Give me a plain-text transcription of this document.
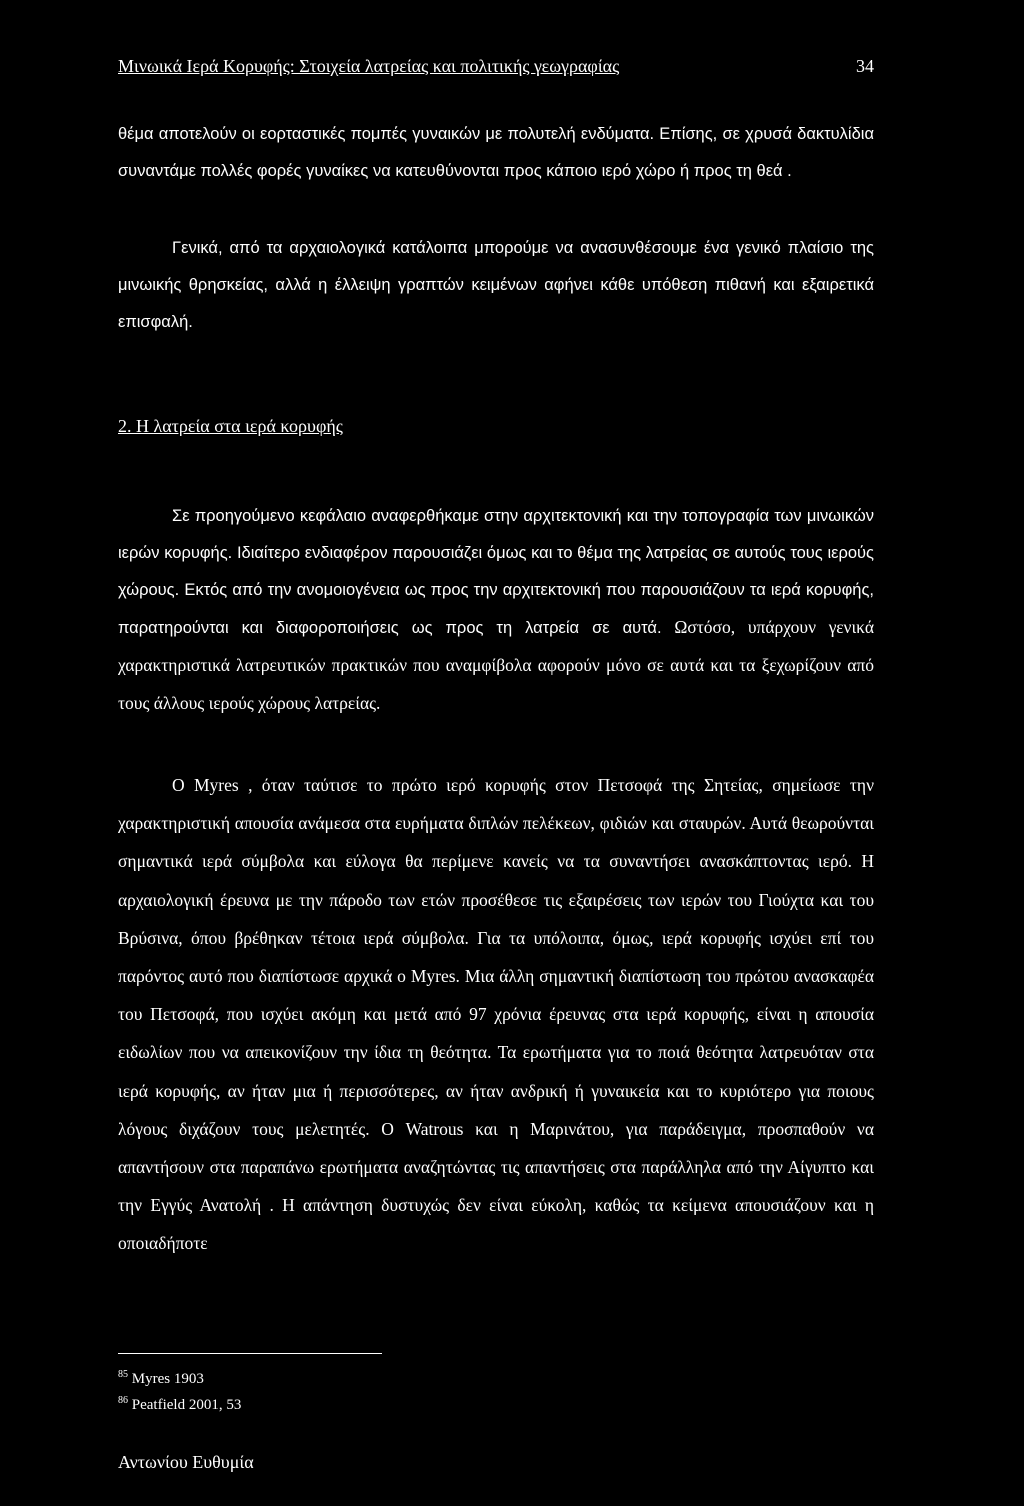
Μινωικά Ιερά Κορυφής: Στοιχεία λατρείας και πολιτικής γεωγραφίας	34

θέμα αποτελούν οι εορταστικές πομπές γυναικών με πολυτελή ενδύματα. Επίσης, σε χρυσά δακτυλίδια συναντάμε πολλές φορές γυναίκες να κατευθύνονται προς κάποιο ιερό χώρο ή προς τη θεά .

Γενικά, από τα αρχαιολογικά κατάλοιπα μπορούμε να ανασυνθέσουμε ένα γενικό πλαίσιο της μινωικής θρησκείας, αλλά η έλλειψη γραπτών κειμένων αφήνει κάθε υπόθεση πιθανή και εξαιρετικά επισφαλή.

2. Η λατρεία στα ιερά κορυφής

Σε προηγούμενο κεφάλαιο αναφερθήκαμε στην αρχιτεκτονική και την τοπογραφία των μινωικών ιερών κορυφής. Ιδιαίτερο ενδιαφέρον παρουσιάζει όμως και το θέμα της λατρείας σε αυτούς τους ιερούς χώρους. Εκτός από την ανομοιογένεια ως προς την αρχιτεκτονική που παρουσιάζουν τα ιερά κορυφής, παρατηρούνται και διαφοροποιήσεις ως προς τη λατρεία σε αυτά. Ωστόσο, υπάρχουν γενικά χαρακτηριστικά λατρευτικών πρακτικών που αναμφίβολα αφορούν μόνο σε αυτά και τα ξεχωρίζουν από τους άλλους ιερούς χώρους λατρείας.

Ο Myres , όταν ταύτισε το πρώτο ιερό κορυφής στον Πετσοφά της Σητείας, σημείωσε την χαρακτηριστική απουσία ανάμεσα στα ευρήματα διπλών πελέκεων, φιδιών και σταυρών. Αυτά θεωρούνται σημαντικά ιερά σύμβολα και εύλογα θα περίμενε κανείς να τα συναντήσει ανασκάπτοντας ιερό. Η αρχαιολογική έρευνα με την πάροδο των ετών προσέθεσε τις εξαιρέσεις των ιερών του Γιούχτα και του Βρύσινα, όπου βρέθηκαν τέτοια ιερά σύμβολα. Για τα υπόλοιπα, όμως, ιερά κορυφής ισχύει επί του παρόντος αυτό που διαπίστωσε αρχικά ο Myres. Μια άλλη σημαντική διαπίστωση του πρώτου ανασκαφέα του Πετσοφά, που ισχύει ακόμη και μετά από 97 χρόνια έρευνας στα ιερά κορυφής, είναι η απουσία ειδωλίων που να απεικονίζουν την ίδια τη θεότητα. Τα ερωτήματα για το ποιά θεότητα λατρευόταν στα ιερά κορυφής, αν ήταν μια ή περισσότερες, αν ήταν ανδρική ή γυναικεία και το κυριότερο για ποιους λόγους διχάζουν τους μελετητές. Ο Watrous και η Μαρινάτου, για παράδειγμα, προσπαθούν να απαντήσουν στα παραπάνω ερωτήματα αναζητώντας τις απαντήσεις στα παράλληλα από την Αίγυπτο και την Εγγύς Ανατολή . Η απάντηση δυστυχώς δεν είναι εύκολη, καθώς τα κείμενα απουσιάζουν και η οποιαδήποτε

$^{85}$ Myres 1903
$^{86}$ Peatfield 2001, 53
Αντωνίου Ευθυμία
